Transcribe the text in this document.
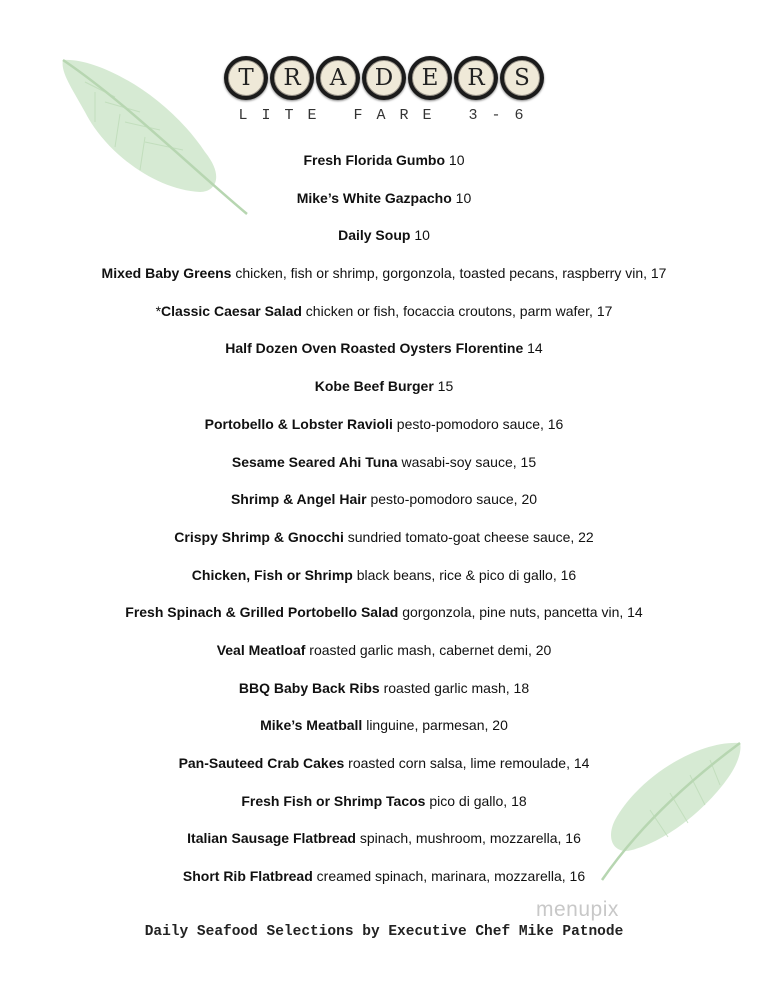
T	R	A	D	E	R	S
LITE FARE 3-6
Fresh Florida Gumbo 10
Mike’s White Gazpacho 10
Daily Soup 10
Mixed Baby Greens chicken, fish or shrimp, gorgonzola, toasted pecans, raspberry vin, 17
*Classic Caesar Salad chicken or fish, focaccia croutons, parm wafer, 17
Half Dozen Oven Roasted Oysters Florentine 14
Kobe Beef Burger 15
Portobello & Lobster Ravioli pesto-pomodoro sauce, 16
Sesame Seared Ahi Tuna wasabi-soy sauce, 15
Shrimp & Angel Hair pesto-pomodoro sauce, 20
Crispy Shrimp & Gnocchi sundried tomato-goat cheese sauce, 22
Chicken, Fish or Shrimp black beans, rice & pico di gallo, 16
Fresh Spinach & Grilled Portobello Salad gorgonzola, pine nuts, pancetta vin, 14
Veal Meatloaf roasted garlic mash, cabernet demi, 20
BBQ Baby Back Ribs roasted garlic mash, 18
Mike’s Meatball linguine, parmesan, 20
Pan-Sauteed Crab Cakes roasted corn salsa, lime remoulade, 14
Fresh Fish or Shrimp Tacos pico di gallo, 18
Italian Sausage Flatbread spinach, mushroom, mozzarella, 16
Short Rib Flatbread creamed spinach, marinara, mozzarella, 16
menupix
Daily Seafood Selections by Executive Chef Mike Patnode
